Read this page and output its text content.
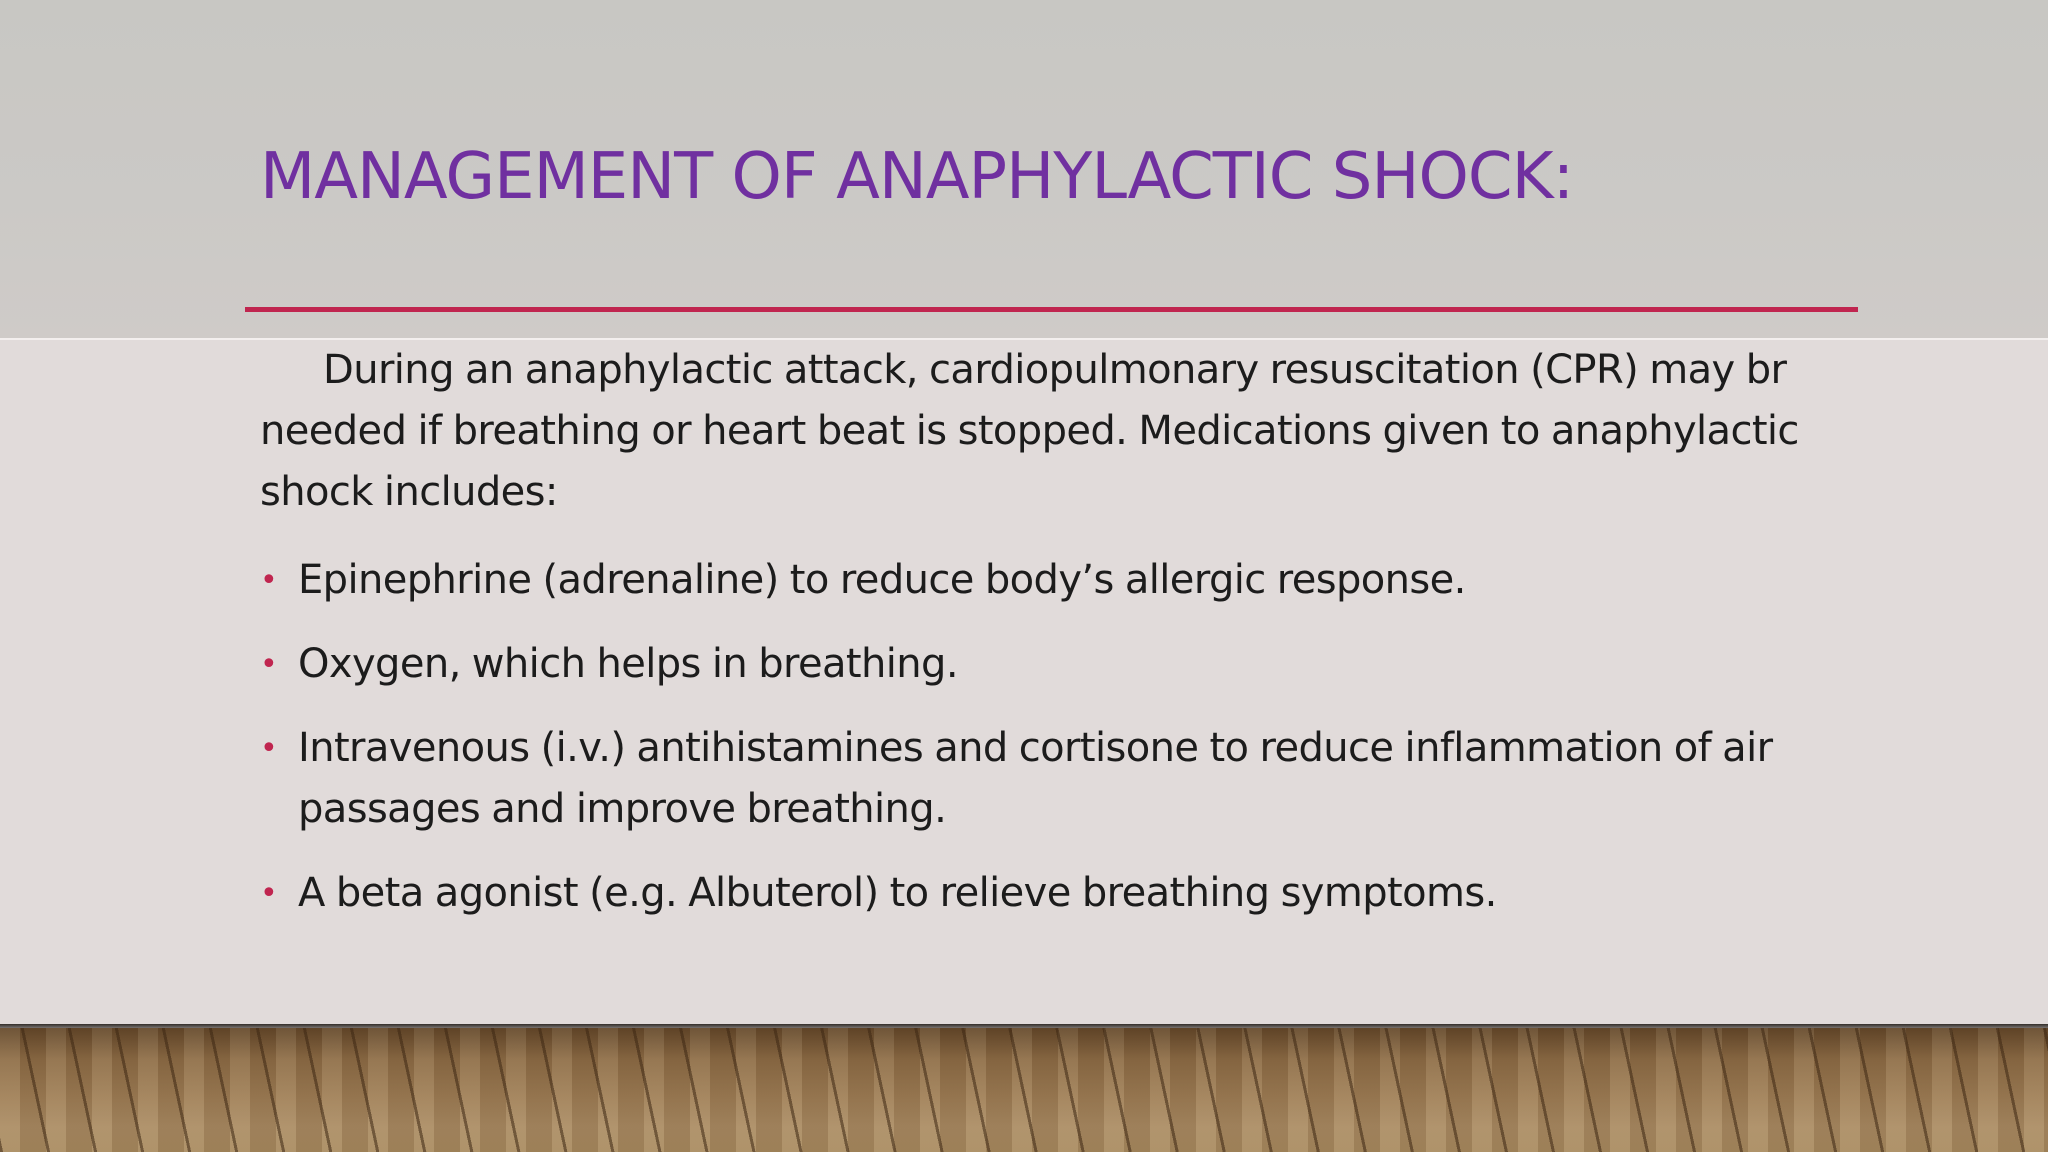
MANAGEMENT OF ANAPHYLACTIC SHOCK:

During an anaphylactic attack, cardiopulmonary resuscitation (CPR) may br needed if breathing or heart beat is stopped. Medications given to anaphylactic shock includes:

• Epinephrine (adrenaline) to reduce body’s allergic response.
• Oxygen, which helps in breathing.
• Intravenous (i.v.) antihistamines and cortisone to reduce inflammation of air passages and improve breathing.
• A beta agonist (e.g. Albuterol) to relieve breathing symptoms.
